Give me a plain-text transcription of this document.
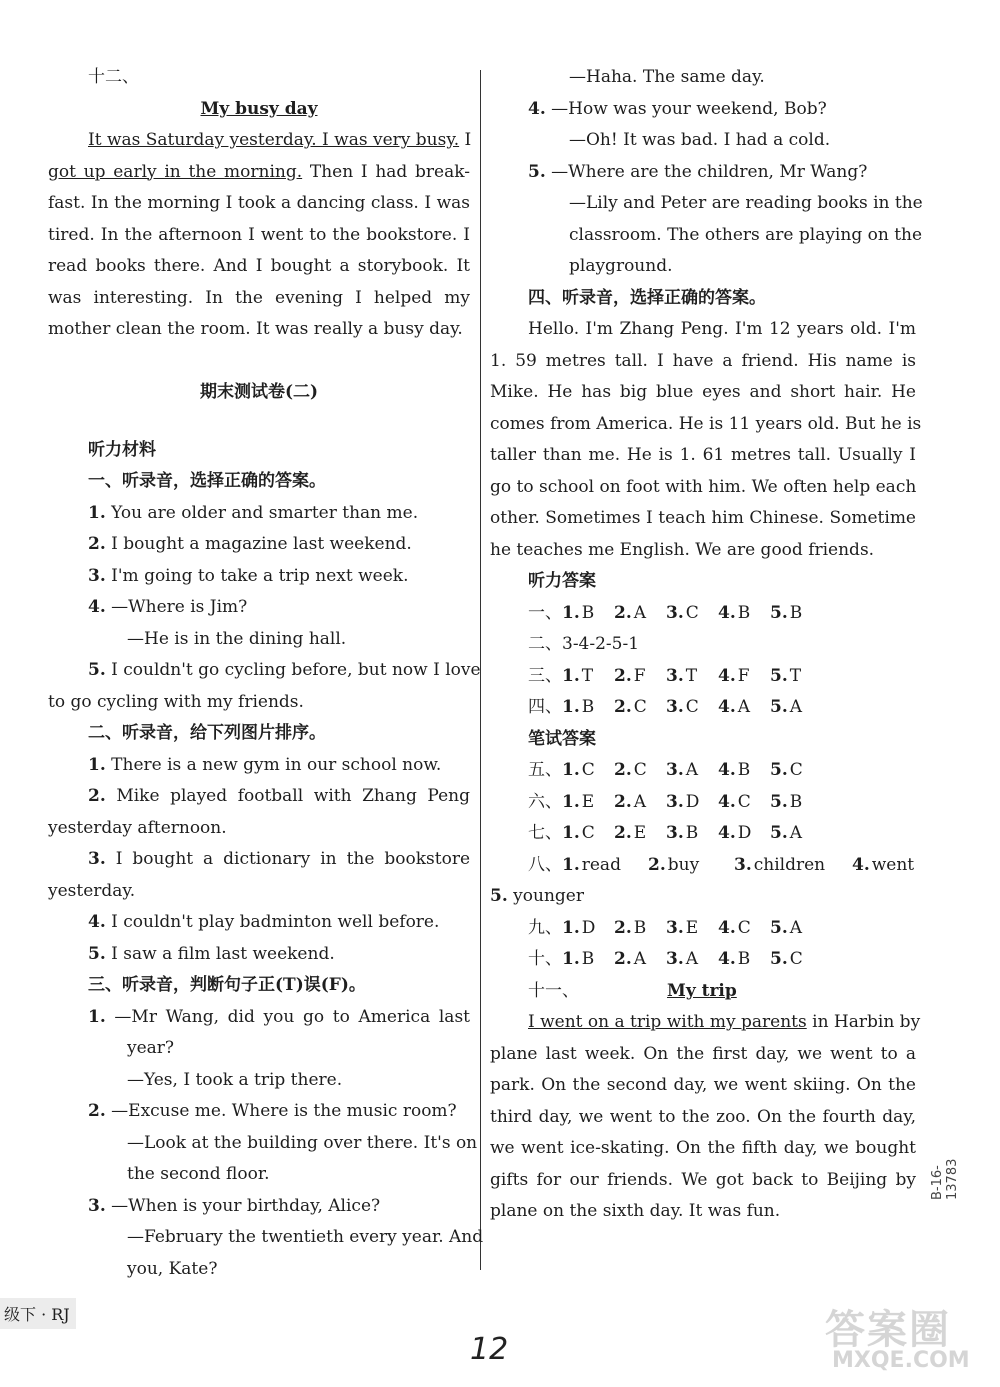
十二、
My busy day
It was Saturday yesterday. I was very busy. I
got up early in the morning. Then I had break-
fast. In the morning I took a dancing class. I was
tired. In the afternoon I went to the bookstore. I
read books there. And I bought a storybook. It
was interesting. In the evening I helped my
mother clean the room. It was really a busy day.
期末测试卷(二)
听力材料
一、听录音，选择正确的答案。
1. You are older and smarter than me.
2. I bought a magazine last weekend.
3. I'm going to take a trip next week.
4. —Where is Jim?
—He is in the dining hall.
5. I couldn't go cycling before, but now I love
to go cycling with my friends.
二、听录音，给下列图片排序。
1. There is a new gym in our school now.
2. Mike played football with Zhang Peng
yesterday afternoon.
3. I bought a dictionary in the bookstore
yesterday.
4. I couldn't play badminton well before.
5. I saw a film last weekend.
三、听录音，判断句子正(T)误(F)。
1. —Mr Wang, did you go to America last
year?
—Yes, I took a trip there.
2. —Excuse me. Where is the music room?
—Look at the building over there. It's on
the second floor.
3. —When is your birthday, Alice?
—February the twentieth every year. And
you, Kate?
—Haha. The same day.
4. —How was your weekend, Bob?
—Oh! It was bad. I had a cold.
5. —Where are the children, Mr Wang?
—Lily and Peter are reading books in the
classroom. The others are playing on the
playground.
四、听录音，选择正确的答案。
Hello. I'm Zhang Peng. I'm 12 years old. I'm
1. 59 metres tall. I have a friend. His name is
Mike. He has big blue eyes and short hair. He
comes from America. He is 11 years old. But he is
taller than me. He is 1. 61 metres tall. Usually I
go to school on foot with him. We often help each
other. Sometimes I teach him Chinese. Sometime
he teaches me English. We are good friends.
听力答案
一、1. B 2. A 3. C 4. B 5. B
二、3-4-2-5-1
三、1. T 2. F 3. T 4. F 5. T
四、1. B 2. C 3. C 4. A 5. A
笔试答案
五、1. C 2. C 3. A 4. B 5. C
六、1. E 2. A 3. D 4. C 5. B
七、1. C 2. E 3. B 4. D 5. A
八、1. read 2. buy 3. children 4. went
5. younger
九、1. D 2. B 3. E 4. C 5. A
十、1. B 2. A 3. A 4. B 5. C
十一、	My trip
I went on a trip with my parents in Harbin by
plane last week. On the first day, we went to a
park. On the second day, we went skiing. On the
third day, we went to the zoo. On the fourth day,
we went ice-skating. On the fifth day, we bought
gifts for our friends. We got back to Beijing by
plane on the sixth day. It was fun.
级下 · RJ
12
B-16-13783
答案圈
MXQE.COM
